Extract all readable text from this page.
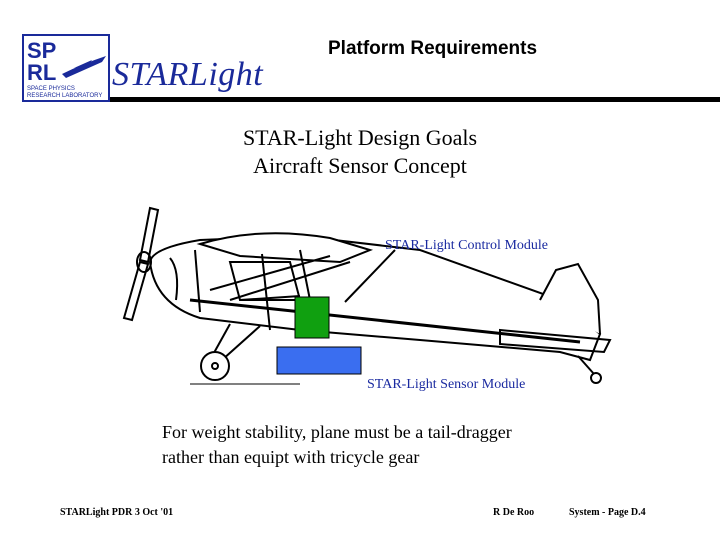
SP
RL
SPACE PHYSICS
RESEARCH LABORATORY
STARLight
Platform Requirements
STAR-Light Design Goals
Aircraft Sensor Concept
STAR-Light Control Module
STAR-Light Sensor Module
For weight stability, plane must be a tail-dragger
rather than equipt with tricycle gear
STARLight PDR 3 Oct '01	R De Roo	System - Page D.4
